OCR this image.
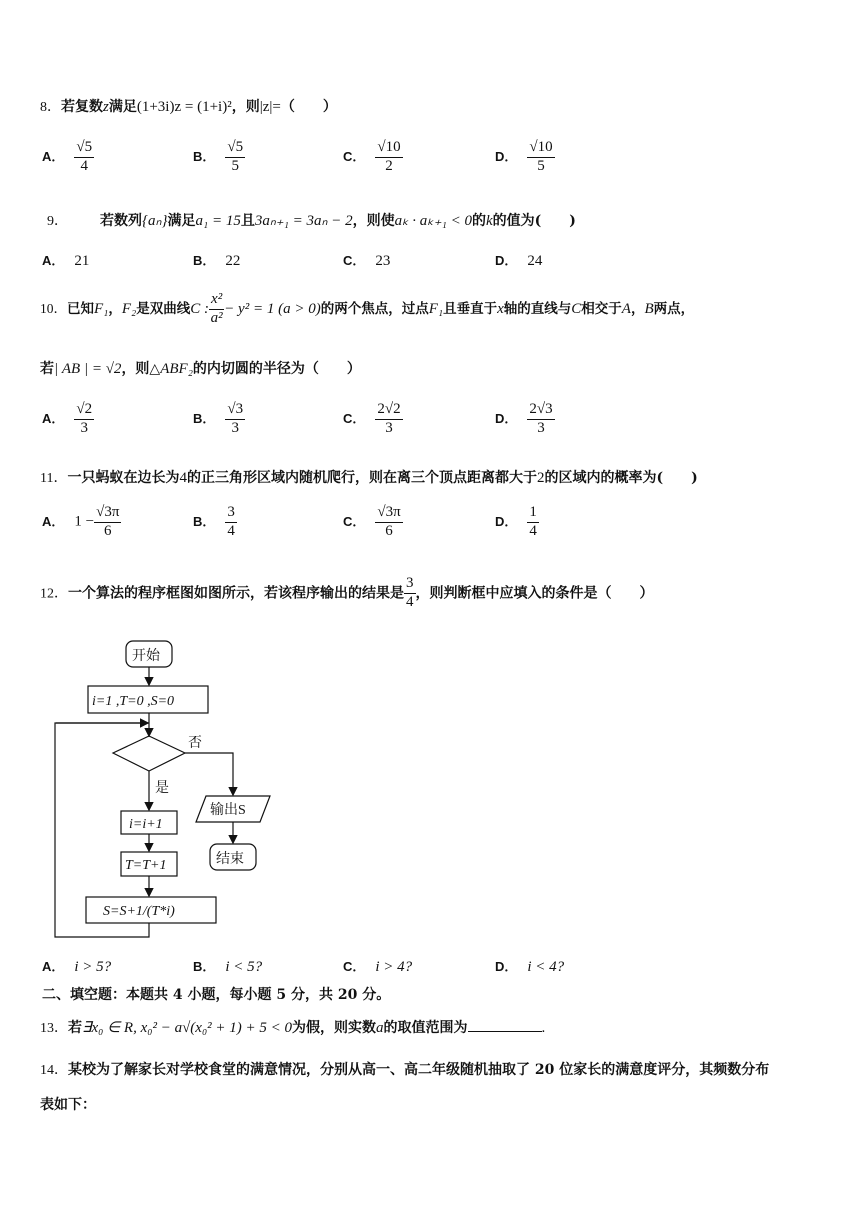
8．若复数z满足(1+3i)z = (1+i)²，则|z|=（　　）
A． $\frac{√5}{4}$	B． $\frac{√5}{5}$	C． $\frac{√10}{2}$	D． $\frac{√10}{5}$
9． 若数列{aₙ}满足a₁ = 15且3aₙ₊₁ = 3aₙ − 2，则使aₖ · aₖ₊₁ < 0的k的值为(　　)
A． 21	B． 22	C． 23	D． 24
10．已知F₁，F₂是双曲线C : $\frac{\text{x²}}{\text{a²}} - y^2 = 1$ (a > 0)的两个焦点，过点F₁且垂直于x轴的直线与C相交于A，B两点，
若| AB | = √2，则△ABF₂的内切圆的半径为（　　）
A． $\frac{√2}{3}$	B． $\frac{√3}{3}$	C． $\frac{2√2}{3}$	D． $\frac{2√3}{3}$
11．一只蚂蚁在边长为4的正三角形区域内随机爬行，则在离三个顶点距离都大于2的区域内的概率为(　　)
A． $1 - \frac{√3\pi}{6}$	B． $\frac{3}{4}$	C． $\frac{√3\pi}{6}$	D． $\frac{1}{4}$
12．一个算法的程序框图如图所示，若该程序输出的结果是 $\frac{3}{4}$ ，则判断框中应填入的条件是（　　）
开始
i=1 ,T=0 ,S=0
否
是
输出S
结束
i=i+1
T=T+1
S=S+1/(T*i)
A． i > 5?	B． i < 5?	C． i > 4?	D． i < 4?
二、填空题：本题共 4 小题，每小题 5 分，共 20 分。
13．若∃x₀ ∈ R, x₀² − a√(x₀² + 1) + 5 < 0为假，则实数a的取值范围为	.
14．某校为了解家长对学校食堂的满意情况，分别从高一、高二年级随机抽取了 20 位家长的满意度评分，其频数分布
表如下：
